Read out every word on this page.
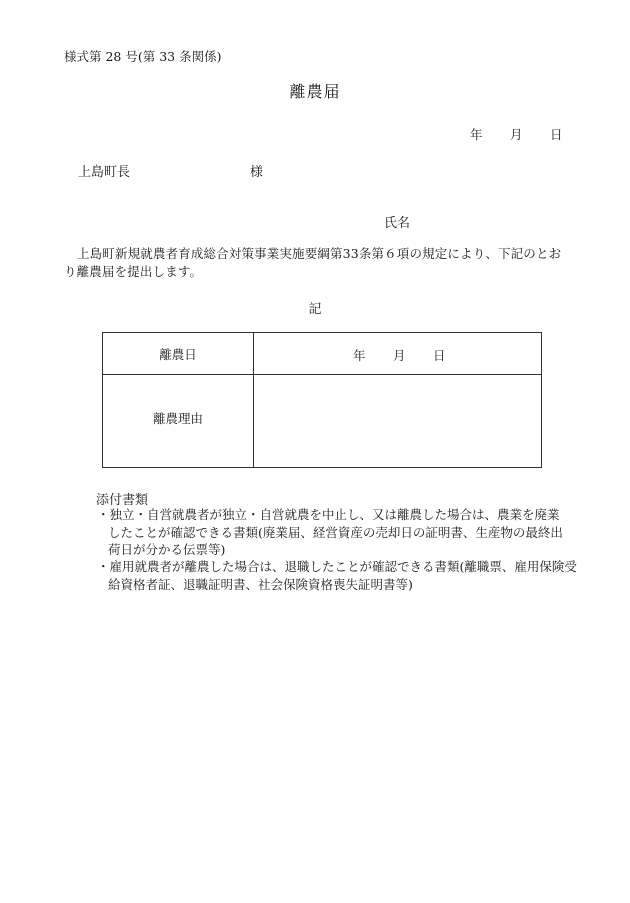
様式第 28 号(第 33 条関係)
離農届
年 月 日
上島町長	様
氏名
上島町新規就農者育成総合対策事業実施要綱第33条第６項の規定により、下記のとおり離農届を提出します。
記
離農日	年 月 日

離農理由	
添付書類
・独立・自営就農者が独立・自営就農を中止し、又は離農した場合は、農業を廃業
したことが確認できる書類(廃業届、経営資産の売却日の証明書、生産物の最終出
荷日が分かる伝票等)
・雇用就農者が離農した場合は、退職したことが確認できる書類(離職票、雇用保険受
給資格者証、退職証明書、社会保険資格喪失証明書等)
